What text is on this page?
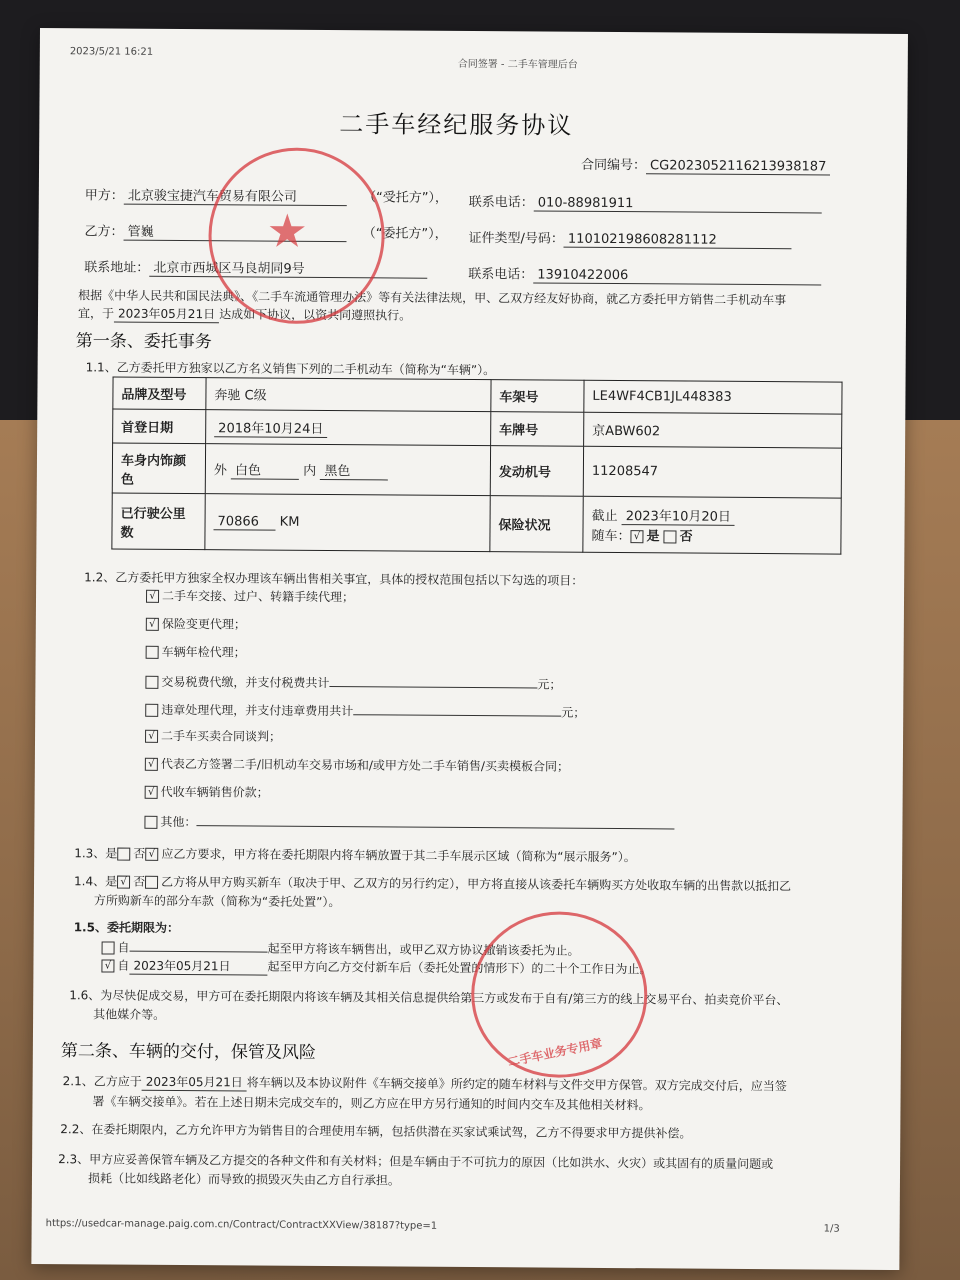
2023/5/21 16:21
合同签署 - 二手车管理后台
二手车经纪服务协议
合同编号： CG2023052116213938187
甲方： 北京骏宝捷汽车贸易有限公司	（“受托方”）， 联系电话： 010-88981911
乙方： 管巍	（“委托方”）， 证件类型/号码： 110102198608281112
联系地址： 北京市西城区马良胡同9号	联系电话： 13910422006
根据《中华人民共和国民法典》、《二手车流通管理办法》等有关法律法规，甲、乙双方经友好协商，就乙方委托甲方销售二手机动车事
宜，于 2023年05月21日 达成如下协议，以资共同遵照执行。
第一条、委托事务
1.1、乙方委托甲方独家以乙方名义销售下列的二手机动车（简称为“车辆”）。
品牌及型号	奔驰 C级	车架号	LE4WF4CB1JL448383
首登日期	2018年10月24日	车牌号	京ABW602
车身内饰颜色	外 白色 内 黑色	发动机号	11208547
已行驶公里数	70866 KM	保险状况	截止 2023年10月20日
随车： √ 是 否
1.2、乙方委托甲方独家全权办理该车辆出售相关事宜，具体的授权范围包括以下勾选的项目：
√ 二手车交接、过户、转籍手续代理；
√ 保险变更代理；
车辆年检代理；
交易税费代缴，并支付税费共计	元；
违章处理代理，并支付违章费用共计	元；
√ 二手车买卖合同谈判；
√ 代表乙方签署二手/旧机动车交易市场和/或甲方处二手车销售/买卖模板合同；
√ 代收车辆销售价款；
其他：
1.3、是 否 √ 应乙方要求，甲方将在委托期限内将车辆放置于其二手车展示区域（简称为“展示服务”）。
1.4、是 √ 否 乙方将从甲方购买新车（取决于甲、乙双方的另行约定），甲方将直接从该委托车辆购买方处收取车辆的出售款以抵扣乙
方所购新车的部分车款（简称为“委托处置”）。
1.5、委托期限为：
自	起至甲方将该车辆售出，或甲乙双方协议撤销该委托为止。
√ 自 2023年05月21日	起至甲方向乙方交付新车后（委托处置的情形下）的二十个工作日为止。
1.6、为尽快促成交易，甲方可在委托期限内将该车辆及其相关信息提供给第三方或发布于自有/第三方的线上交易平台、拍卖竞价平台、
其他媒介等。
第二条、车辆的交付，保管及风险
2.1、乙方应于 2023年05月21日 将车辆以及本协议附件《车辆交接单》所约定的随车材料与文件交甲方保管。双方完成交付后，应当签
署《车辆交接单》。若在上述日期未完成交车的，则乙方应在甲方另行通知的时间内交车及其他相关材料。
2.2、在委托期限内，乙方允许甲方为销售目的合理使用车辆，包括供潜在买家试乘试驾，乙方不得要求甲方提供补偿。
2.3、甲方应妥善保管车辆及乙方提交的各种文件和有关材料；但是车辆由于不可抗力的原因（比如洪水、火灾）或其固有的质量问题或
损耗（比如线路老化）而导致的损毁灭失由乙方自行承担。
https://usedcar-manage.paig.com.cn/Contract/ContractXXView/38187?type=1	1/3
★
二手车业务专用章
